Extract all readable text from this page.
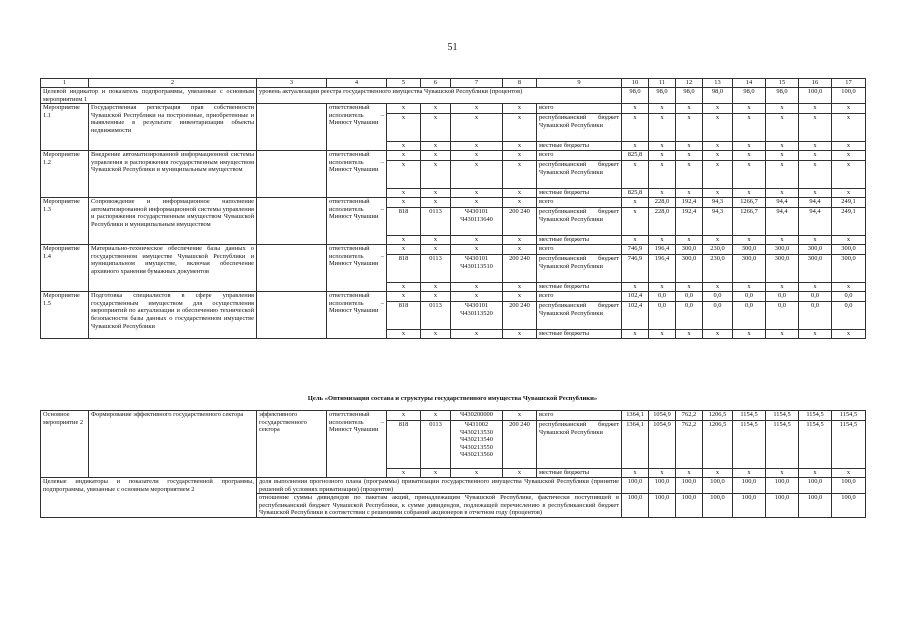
51
1	2	3	4	5	6	7	8	9	10	11	12	13	14	15	16	17
Целевой индикатор и показатель подпрограммы, увязанные с основным мероприятием 1		уровень актуализации реестра государственного имущества Чувашской Республики (процентов)							98,0	98,0	98,0	98,0	98,0	98,0	100,0	100,0
Мероприятие 1.1	Государственная регистрация прав собственности Чувашской Республики на построенные, приобретенные и выявленные в результате инвентаризации объекты недвижимости		ответственный исполнитель – Минюст Чувашии	x	x	x	x	всего	x	x	x	x	x	x	x	x
				x	x	x	x	республиканский бюджет Чувашской Республики	x	x	x	x	x	x	x	x
				x	x	x	x	местные бюджеты	x	x	x	x	x	x	x	x
Мероприятие 1.2	Внедрение автоматизированной информационной системы управления и распоряжения государственным имуществом Чувашской Республики и муниципальным имуществом		ответственный исполнитель – Минюст Чувашии	x	x	x	x	всего	825,8	x	x	x	x	x	x	x
				x	x	x	x	республиканский бюджет Чувашской Республики	x	x	x	x	x	x	x	x
				x	x	x	x	местные бюджеты	825,8	x	x	x	x	x	x	x
Мероприятие 1.3	Сопровождение и информационное наполнение автоматизированной информационной системы управления и распоряжения государственным имуществом Чувашской Республики и муниципальным имуществом		ответственный исполнитель – Минюст Чувашии	x	x	x	x	всего	x	228,0	192,4	94,3	1266,7	94,4	94,4	249,1
				818	0113	Ч430101 Ч430113640	200 240	республиканский бюджет Чувашской Республики	x	228,0	192,4	94,3	1266,7	94,4	94,4	249,1
				x	x	x	x	местные бюджеты	x	x	x	x	x	x	x	x
Мероприятие 1.4	Материально-техническое обеспечение базы данных о государственном имуществе Чувашской Республики и муниципальном имуществе, включая обеспечение архивного хранения бумажных документов		ответственный исполнитель – Минюст Чувашии	x	x	x	x	всего	746,9	196,4	300,0	230,0	300,0	300,0	300,0	300,0
				818	0113	Ч430101 Ч430113510	200 240	республиканский бюджет Чувашской Республики	746,9	196,4	300,0	230,0	300,0	300,0	300,0	300,0
				x	x	x	x	местные бюджеты	x	x	x	x	x	x	x	x
Мероприятие 1.5	Подготовка специалистов в сфере управления государственным имуществом для осуществления мероприятий по актуализации и обеспечению технической безопасности базы данных о государственном имуществе Чувашской Республики		ответственный исполнитель – Минюст Чувашии	x	x	x	x	всего	102,4	0,0	0,0	0,0	0,0	0,0	0,0	0,0
				818	0113	Ч430101 Ч430113520	200 240	республиканский бюджет Чувашской Республики	102,4	0,0	0,0	0,0	0,0	0,0	0,0	0,0
				x	x	x	x	местные бюджеты	x	x	x	x	x	x	x	x
Цель «Оптимизация состава и структуры государственного имущества Чувашской Республики»
Основное мероприятие 2	Формирование эффективного государственного сектора	эффективного государственного сектора	ответственный исполнитель – Минюст Чувашии	x	x	Ч430200000	x	всего	1364,1	1054,9	762,2	1206,5	1154,5	1154,5	1154,5	1154,5
				818	0113	Ч431002 Ч430213530 Ч430213540 Ч430213550 Ч430213560	200 240	республиканский бюджет Чувашской Республики	1364,1	1054,9	762,2	1206,5	1154,5	1154,5	1154,5	1154,5
				x	x	x	x	местные бюджеты	x	x	x	x	x	x	x	x
Целевые индикаторы и показатели государственной программы, подпрограммы, увязанные с основным мероприятием 2		доля выполнения прогнозного плана (программы) приватизации государственного имущества Чувашской Республики (принятие решений об условиях приватизации) (процентов)							100,0	100,0	100,0	100,0	100,0	100,0	100,0	100,0
		отношение суммы дивидендов по пакетам акций, принадлежащим Чувашской Республике, фактически поступившей в республиканский бюджет Чувашской Республики, к сумме дивидендов, подлежащей перечислению в республиканский бюджет Чувашской Республики в соответствии с решениями собраний акционеров в отчетном году (процентов)							100,0	100,0	100,0	100,0	100,0	100,0	100,0	100,0
